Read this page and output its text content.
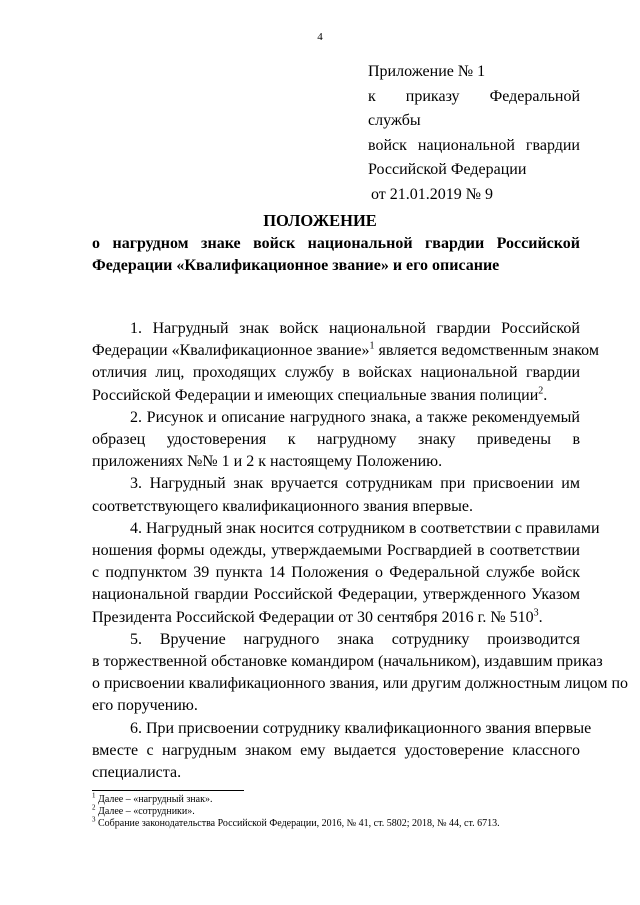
4
Приложение № 1
к приказу Федеральной службы
войск национальной гвардии
Российской Федерации
от 21.01.2019 № 9
ПОЛОЖЕНИЕ
о нагрудном знаке войск национальной гвардии Российской
Федерации «Квалификационное звание» и его описание
1. Нагрудный знак войск национальной гвардии Российской
Федерации «Квалификационное звание»$^1$ является ведомственным знаком
отличия лиц, проходящих службу в войсках национальной гвардии
Российской Федерации и имеющих специальные звания полиции$^2$.
2. Рисунок и описание нагрудного знака, а также рекомендуемый
образец удостоверения к нагрудному знаку приведены в
приложениях №№ 1 и 2 к настоящему Положению.
3. Нагрудный знак вручается сотрудникам при присвоении им
соответствующего квалификационного звания впервые.
4. Нагрудный знак носится сотрудником в соответствии с правилами
ношения формы одежды, утверждаемыми Росгвардией в соответствии
с подпунктом 39 пункта 14 Положения о Федеральной службе войск
национальной гвардии Российской Федерации, утвержденного Указом
Президента Российской Федерации от 30 сентября 2016 г. № $510^3$.
5. Вручение нагрудного знака сотруднику производится
в торжественной обстановке командиром (начальником), издавшим приказ
о присвоении квалификационного звания, или другим должностным лицом по
его поручению.
6. При присвоении сотруднику квалификационного звания впервые
вместе с нагрудным знаком ему выдается удостоверение классного
специалиста.
$^1$ Далее – «нагрудный знак».
$^2$ Далее – «сотрудники».
$^3$ Собрание законодательства Российской Федерации, 2016, № 41, ст. 5802; 2018, № 44, ст. 6713.
